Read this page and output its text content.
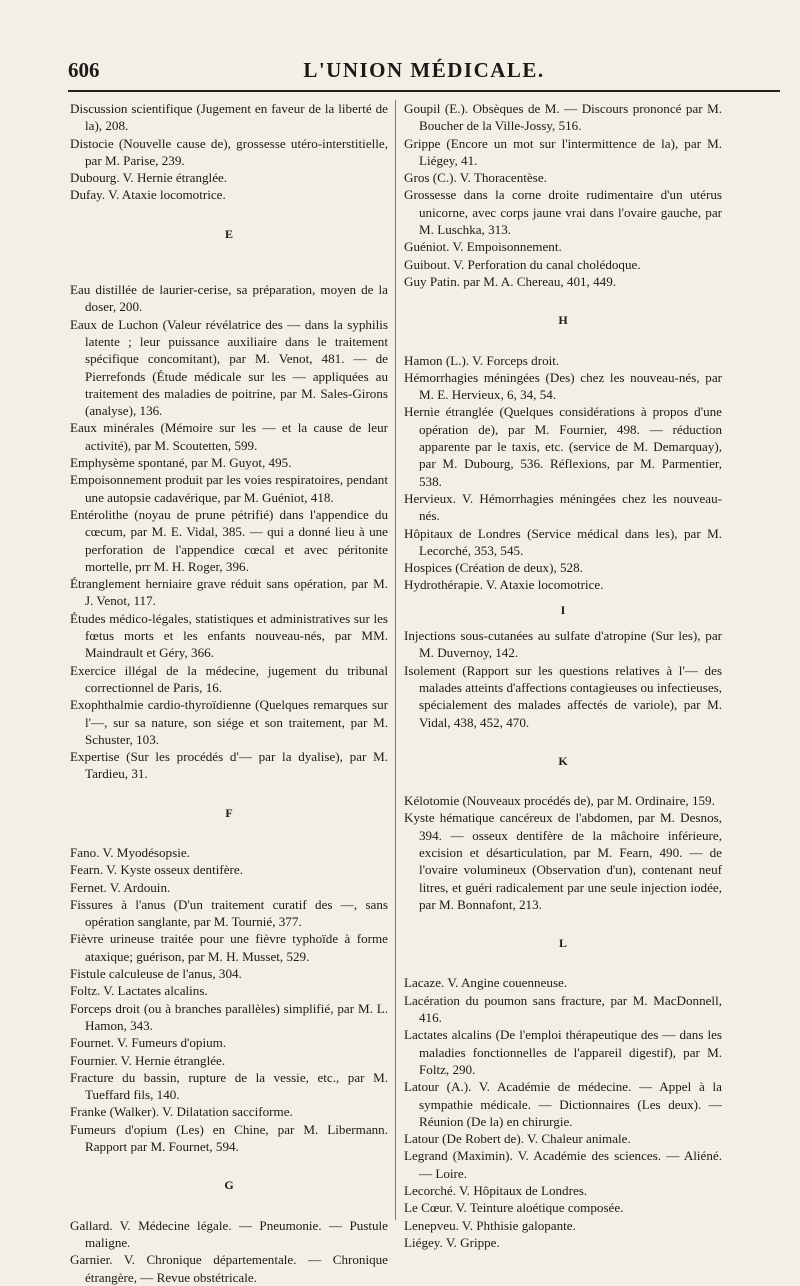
606	L'UNION MÉDICALE.

Discussion scientifique (Jugement en faveur de la liberté de la), 208.

Distocie (Nouvelle cause de), grossesse utéro-interstitielle, par M. Parise, 239.

Dubourg. V. Hernie étranglée.

Dufay. V. Ataxie locomotrice.

E

Eau distillée de laurier-cerise, sa préparation, moyen de la doser, 200.

Eaux de Luchon (Valeur révélatrice des — dans la syphilis latente ; leur puissance auxiliaire dans le traitement spécifique concomitant), par M. Venot, 481. — de Pierrefonds (Étude médicale sur les — appliquées au traitement des maladies de poitrine, par M. Sales-Girons (analyse), 136.

Eaux minérales (Mémoire sur les — et la cause de leur activité), par M. Scoutetten, 599.

Emphysème spontané, par M. Guyot, 495.

Empoisonnement produit par les voies respiratoires, pendant une autopsie cadavérique, par M. Guéniot, 418.

Entérolithe (noyau de prune pétrifié) dans l'appendice du cœcum, par M. E. Vidal, 385. — qui a donné lieu à une perforation de l'appendice cœcal et avec péritonite mortelle, prr M. H. Roger, 396.

Étranglement herniaire grave réduit sans opération, par M. J. Venot, 117.

Études médico-légales, statistiques et administratives sur les fœtus morts et les enfants nouveau-nés, par MM. Maindrault et Géry, 366.

Exercice illégal de la médecine, jugement du tribunal correctionnel de Paris, 16.

Exophthalmie cardio-thyroïdienne (Quelques remarques sur l'—, sur sa nature, son siége et son traitement, par M. Schuster, 103.

Expertise (Sur les procédés d'— par la dyalise), par M. Tardieu, 31.

F

Fano. V. Myodésopsie.

Fearn. V. Kyste osseux dentifère.

Fernet. V. Ardouin.

Fissures à l'anus (D'un traitement curatif des —, sans opération sanglante, par M. Tournié, 377.

Fièvre urineuse traitée pour une fièvre typhoïde à forme ataxique; guérison, par M. H. Musset, 529.

Fistule calculeuse de l'anus, 304.

Foltz. V. Lactates alcalins.

Forceps droit (ou à branches parallèles) simplifié, par M. L. Hamon, 343.

Fournet. V. Fumeurs d'opium.

Fournier. V. Hernie étranglée.

Fracture du bassin, rupture de la vessie, etc., par M. Tueffard fils, 140.

Franke (Walker). V. Dilatation sacciforme.

Fumeurs d'opium (Les) en Chine, par M. Libermann. Rapport par M. Fournet, 594.

G

Gallard. V. Médecine légale. — Pneumonie. — Pustule maligne.

Garnier. V. Chronique départementale. — Chronique étrangère, — Revue obstétricale.

Goupil (E.). Obsèques de M. — Discours prononcé par M. Boucher de la Ville-Jossy, 516.

Grippe (Encore un mot sur l'intermittence de la), par M. Liégey, 41.

Gros (C.). V. Thoracentèse.

Grossesse dans la corne droite rudimentaire d'un utérus unicorne, avec corps jaune vrai dans l'ovaire gauche, par M. Luschka, 313.

Guéniot. V. Empoisonnement.

Guibout. V. Perforation du canal cholédoque.

Guy Patin. par M. A. Chereau, 401, 449.

H

Hamon (L.). V. Forceps droit.

Hémorrhagies méningées (Des) chez les nouveau-nés, par M. E. Hervieux, 6, 34, 54.

Hernie étranglée (Quelques considérations à propos d'une opération de), par M. Fournier, 498. — réduction apparente par le taxis, etc. (service de M. Demarquay), par M. Dubourg, 536. Réflexions, par M. Parmentier, 538.

Hervieux. V. Hémorrhagies méningées chez les nouveau-nés.

Hôpitaux de Londres (Service médical dans les), par M. Lecorché, 353, 545.

Hospices (Création de deux), 528.

Hydrothérapie. V. Ataxie locomotrice.

I

Injections sous-cutanées au sulfate d'atropine (Sur les), par M. Duvernoy, 142.

Isolement (Rapport sur les questions relatives à l'— des malades atteints d'affections contagieuses ou infectieuses, spécialement des malades affectés de variole), par M. Vidal, 438, 452, 470.

K

Kélotomie (Nouveaux procédés de), par M. Ordinaire, 159.

Kyste hématique cancéreux de l'abdomen, par M. Desnos, 394. — osseux dentifère de la mâchoire inférieure, excision et désarticulation, par M. Fearn, 490. — de l'ovaire volumineux (Observation d'un), contenant neuf litres, et guéri radicalement par une seule injection iodée, par M. Bonnafont, 213.

L

Lacaze. V. Angine couenneuse.

Lacération du poumon sans fracture, par M. MacDonnell, 416.

Lactates alcalins (De l'emploi thérapeutique des — dans les maladies fonctionnelles de l'appareil digestif), par M. Foltz, 290.

Latour (A.). V. Académie de médecine. — Appel à la sympathie médicale. — Dictionnaires (Les deux). — Réunion (De la) en chirurgie.

Latour (De Robert de). V. Chaleur animale.

Legrand (Maximin). V. Académie des sciences. — Aliéné. — Loire.

Lecorché. V. Hôpitaux de Londres.

Le Cœur. V. Teinture aloétique composée.

Lenepveu. V. Phthisie galopante.

Liégey. V. Grippe.
